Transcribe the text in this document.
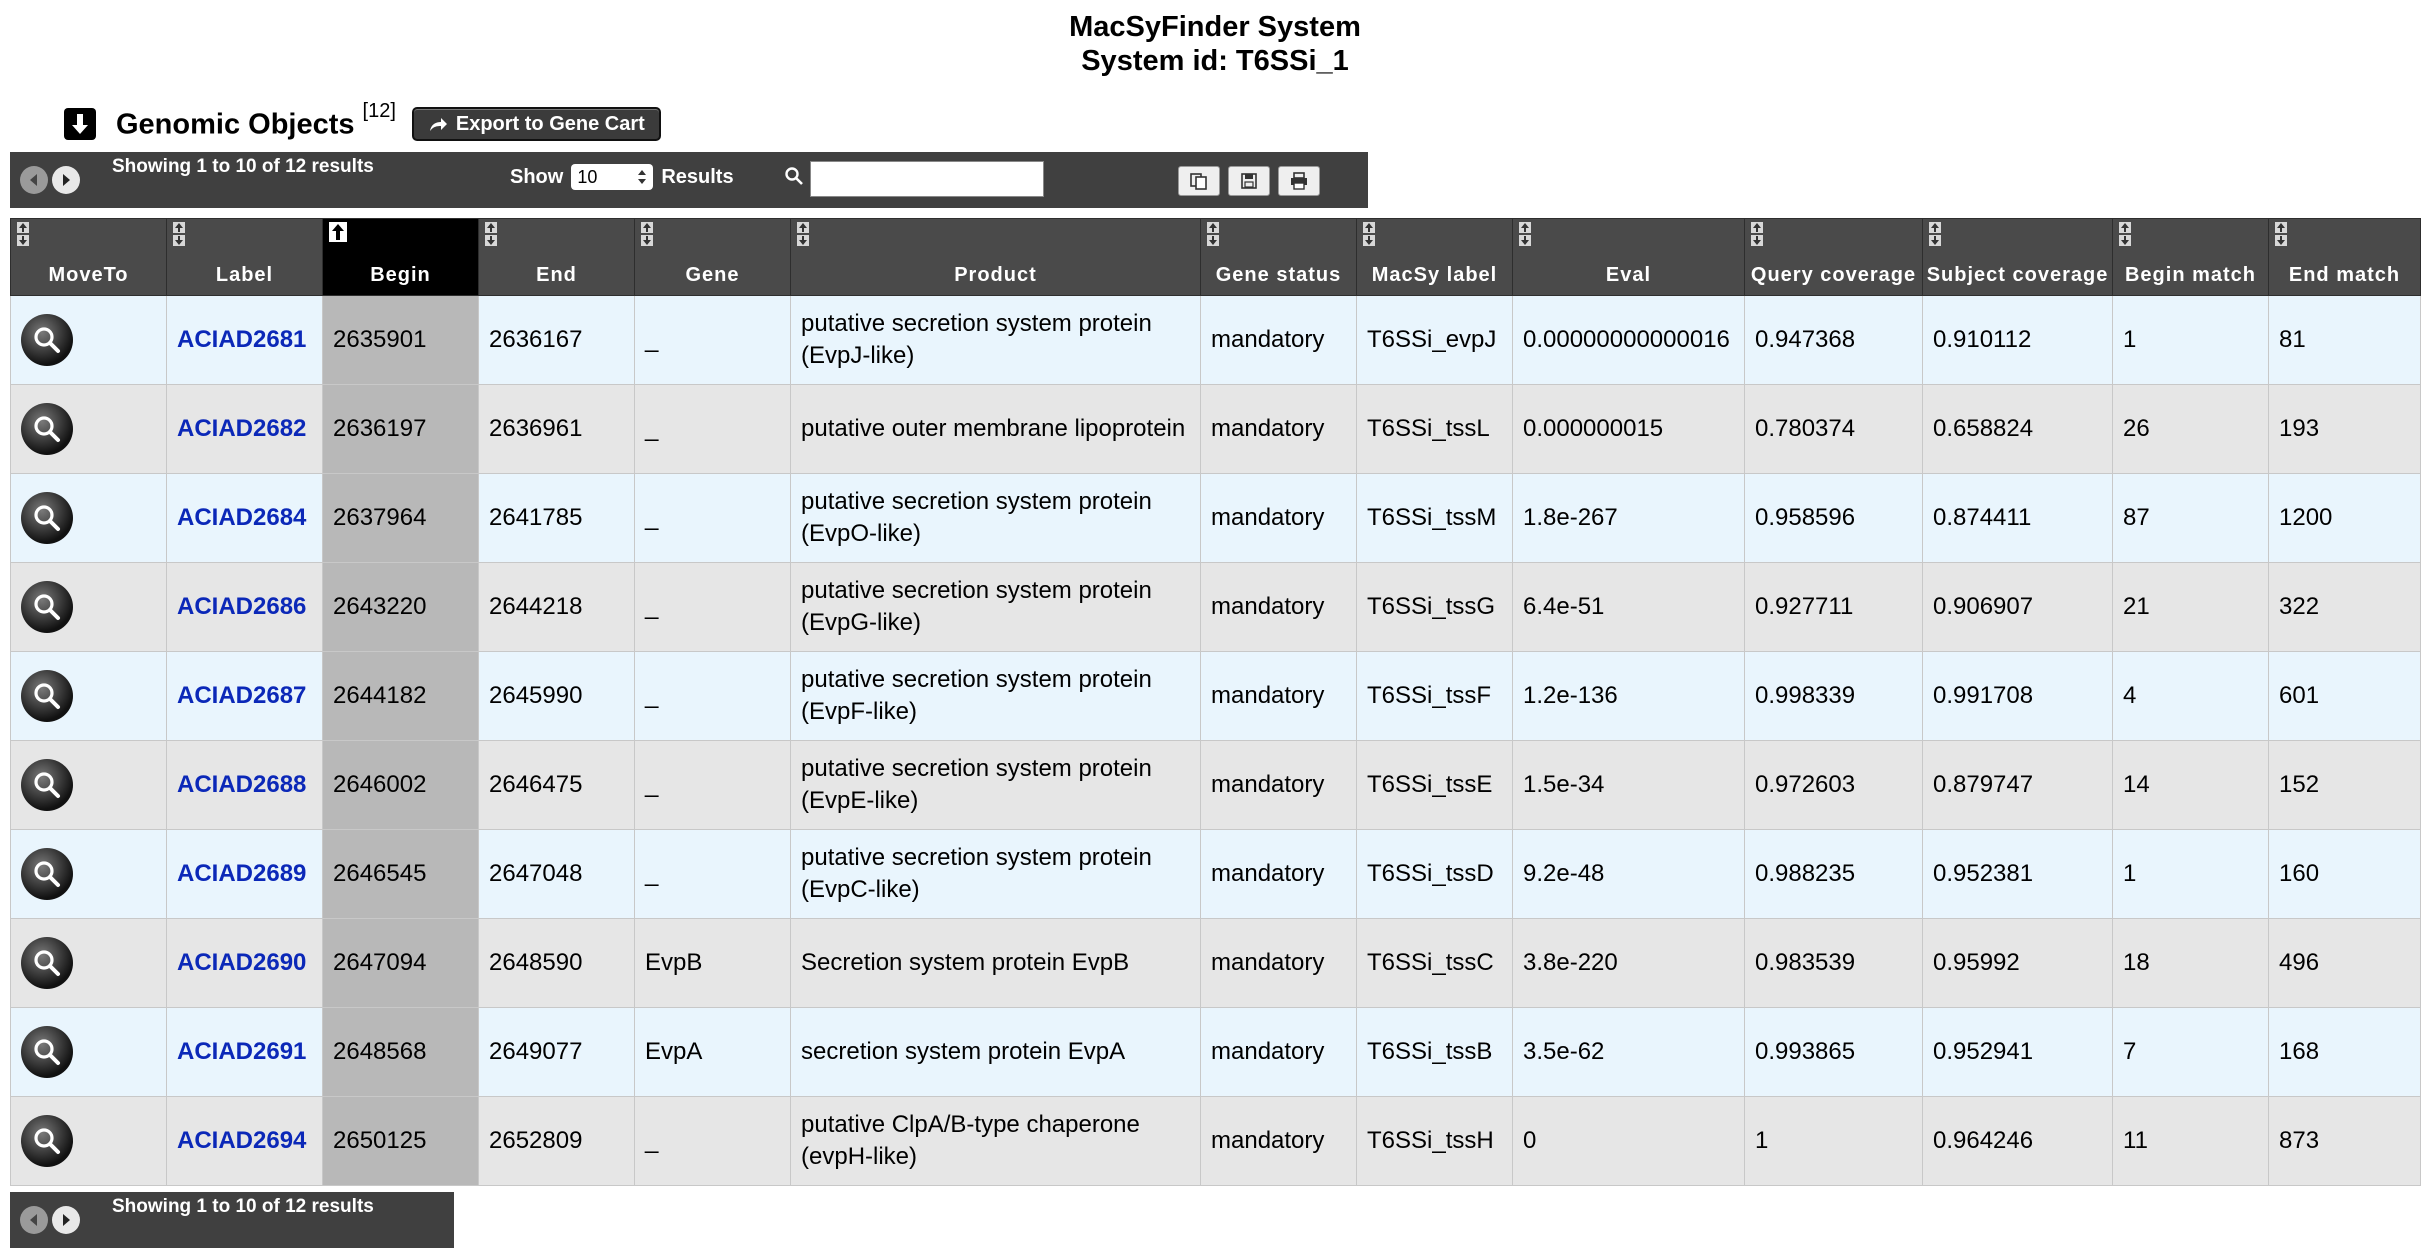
MacSyFinder System
System id: T6SSi_1
Genomic Objects [12]
Export to Gene Cart
Showing 1 to 10 of 12 results	Show 10	Results
MoveTo	Label	Begin	End	Gene	Product	Gene status	MacSy label	Eval	Query coverage	Subject coverage	Begin match	End match

	ACIAD2681	2635901	2636167	_	putative secretion system protein (EvpJ-like)	mandatory	T6SSi_evpJ	0.00000000000016	0.947368	0.910112	1	81

	ACIAD2682	2636197	2636961	_	putative outer membrane lipoprotein	mandatory	T6SSi_tssL	0.000000015	0.780374	0.658824	26	193

	ACIAD2684	2637964	2641785	_	putative secretion system protein (EvpO-like)	mandatory	T6SSi_tssM	1.8e-267	0.958596	0.874411	87	1200

	ACIAD2686	2643220	2644218	_	putative secretion system protein (EvpG-like)	mandatory	T6SSi_tssG	6.4e-51	0.927711	0.906907	21	322

	ACIAD2687	2644182	2645990	_	putative secretion system protein (EvpF-like)	mandatory	T6SSi_tssF	1.2e-136	0.998339	0.991708	4	601

	ACIAD2688	2646002	2646475	_	putative secretion system protein (EvpE-like)	mandatory	T6SSi_tssE	1.5e-34	0.972603	0.879747	14	152

	ACIAD2689	2646545	2647048	_	putative secretion system protein (EvpC-like)	mandatory	T6SSi_tssD	9.2e-48	0.988235	0.952381	1	160

	ACIAD2690	2647094	2648590	EvpB	Secretion system protein EvpB	mandatory	T6SSi_tssC	3.8e-220	0.983539	0.95992	18	496

	ACIAD2691	2648568	2649077	EvpA	secretion system protein EvpA	mandatory	T6SSi_tssB	3.5e-62	0.993865	0.952941	7	168

	ACIAD2694	2650125	2652809	_	putative ClpA/B-type chaperone (evpH-like)	mandatory	T6SSi_tssH	0	1	0.964246	11	873
Showing 1 to 10 of 12 results
